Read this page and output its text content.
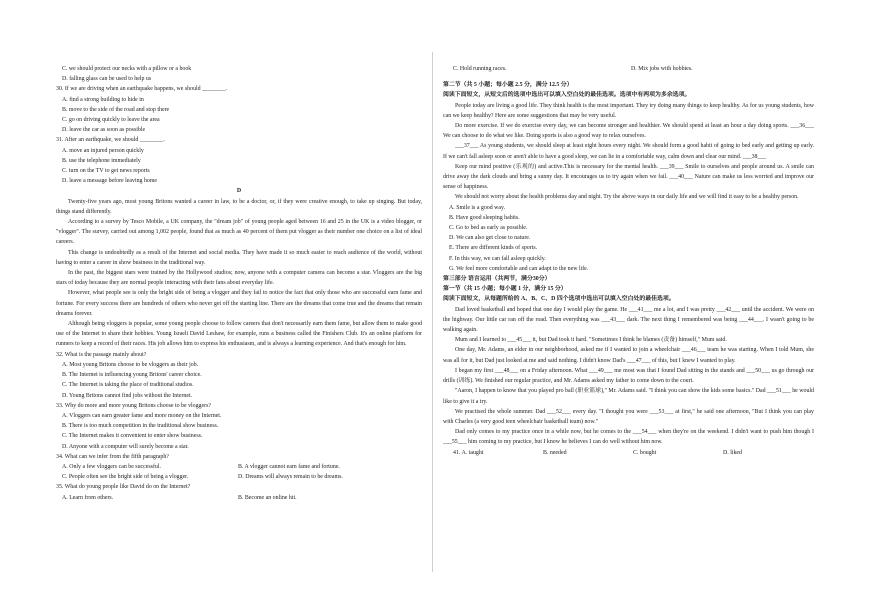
C. we should protect our necks with a pillow or a book
D. falling glass can be used to help us
30. If we are driving when an earthquake happens, we should ________.
A. find a strong building to hide in
B. move to the side of the road and stop there
C. go on driving quickly to leave the area
D. leave the car as soon as possible
31. After an earthquake, we should ________.
A. move an injured person quickly
B. use the telephone immediately
C. turn on the TV to get news reports
D. leave a message before leaving home
D
Twenty-five years ago, most young Britons wanted a career in law, to be a doctor, or, if they were creative enough, to take up singing. But today, things stand differently.
According to a survey by Tesco Mobile, a UK company, the "dream job" of young people aged between 16 and 25 in the UK is a video blogger, or "vlogger". The survey, carried out among 1,002 people, found that as much as 40 percent of them put vlogger as their number one choice on a list of ideal careers.
This change is undoubtedly as a result of the Internet and social media. They have made it so much easier to reach audience of the world, without having to enter a career in show business in the traditional way.
In the past, the biggest stars were trained by the Hollywood studios; now, anyone with a computer camera can become a star. Vloggers are the big stars of today because they are normal people interacting with their fans about everyday life.
However, what people see is only the bright side of being a vlogger and they fail to notice the fact that only those who are successful earn fame and fortune. For every success there are hundreds of others who never get off the starting line. There are the dreams that come true and the dreams that remain dreams forever.
Although being vloggers is popular, some young people choose to follow careers that don't necessarily earn them fame, but allow them to make good use of the Internet to share their hobbies. Young Israeli David Leshaw, for example, runs a business called the Finishers Club. It's an online platform for runners to keep a record of their races. His job allows him to express his enthusiasm, and is always a learning experience. And that's enough for him.
32. What is the passage mainly about?
A. Most young Britons choose to be vloggers as their job.
B. The Internet is influencing young Britons' career choice.
C. The Internet is taking the place of traditional studios.
D. Young Britons cannot find jobs without the Internet.
33. Why do more and more young Britons choose to be vloggers?
A. Vloggers can earn greater fame and more money on the Internet.
B. There is too much competition in the traditional show business.
C. The Internet makes it convenient to enter show business.
D. Anyone with a computer will surely become a star.
34. What can we infer from the fifth paragraph?
A. Only a few vloggers can be successful.	B. A vlogger cannot earn fame and fortune.
C. People often see the bright side of being a vlogger.	D. Dreams will always remain to be dreams.
35. What do young people like David do on the Internet?
A. Learn from others.	B. Become an online hit.
C. Hold running races.	D. Mix jobs with hobbies.
第二节（共 5 小题；每小题 2.5 分，满分 12.5 分）
阅读下面短文，从短文后的选项中选出可以填入空白处的最佳选项。选项中有两项为多余选项。
People today are living a good life. They think health is the most important. They try doing many things to keep healthy. As for us young students, how can we keep healthy? Here are some suggestions that may be very useful.
Do more exercise. If we do exercise every day, we can become stronger and healthier. We should spend at least an hour a day doing sports. ___36___ We can choose to do what we like. Doing sports is also a good way to relax ourselves.
___37___ As young students, we should sleep at least eight hours every night. We should form a good habit of going to bed early and getting up early. If we can't fall asleep soon or aren't able to have a good sleep, we can lie in a comfortable way, calm down and clear our mind. ___38___
Keep our mind positive (乐观的) and active.This is necessary for the mental health. ___39___ Smile to ourselves and people around us. A smile can drive away the dark clouds and bring a sunny day. It encourages us to try again when we fail. ___40___ Nature can make us less worried and improve our sense of happiness.
We should not worry about the health problems day and night. Try the above ways in our daily life and we will find it easy to be a healthy person.
A. Smile is a good way.
B. Have good sleeping habits.
C. Go to bed as early as possible.
D. We can also get close to nature.
E. There are different kinds of sports.
F. In this way, we can fall asleep quickly.
G. We feel more comfortable and can adapt to the new life.
第三部分 语言运用（共两节，满分30分）
第一节（共 15 小题；每小题 1 分，满分 15 分）
阅读下面短文，从每题所给的 A、B、C、D 四个选项中选出可以填入空白处的最佳选项。
Dad loved basketball and hoped that one day I would play the game. He ___41___ me a lot, and I was pretty ___42___ until the accident. We were on the highway. Our little car ran off the road. Then everything was ___43___ dark. The next thing I remembered was being ___44___. I wasn't going to be walking again.
Mum and I learned to ___45___ it, but Dad took it hard. "Sometimes I think he blames (责备) himself," Mum said.
One day, Mr. Adams, an elder in our neighborhood, asked me if I wanted to join a wheelchair ___46___ team he was starting. When I told Mum, she was all for it, but Dad just looked at me and said nothing. I didn't know Dad's ___47___ of this, but I knew I wanted to play.
I began my first ___48___ on a Friday afternoon. What ___49___ me most was that I found Dad sitting in the stands and ___50___ us go through our drills (训练). We finished our regular practice, and Mr. Adams asked my father to come down to the court.
"Aaron, I happen to know that you played pro ball (职业篮球)," Mr. Adams said. "I think you can show the kids some basics." Dad ___51___ he would like to give it a try.
We practised the whole summer. Dad ___52___ every day. "I thought you were ___53___ at first," he said one afternoon, "But I think you can play with Charles (a very good teen wheelchair basketball team) now."
Dad only comes to my practice once in a while now, but he comes to the ___54___ when they're on the weekend. I didn't want to push him though I ___55___ him coming to my practice, but I know he believes I can do well without him now.
41. A. taught	B. needed	C. bought	D. liked
